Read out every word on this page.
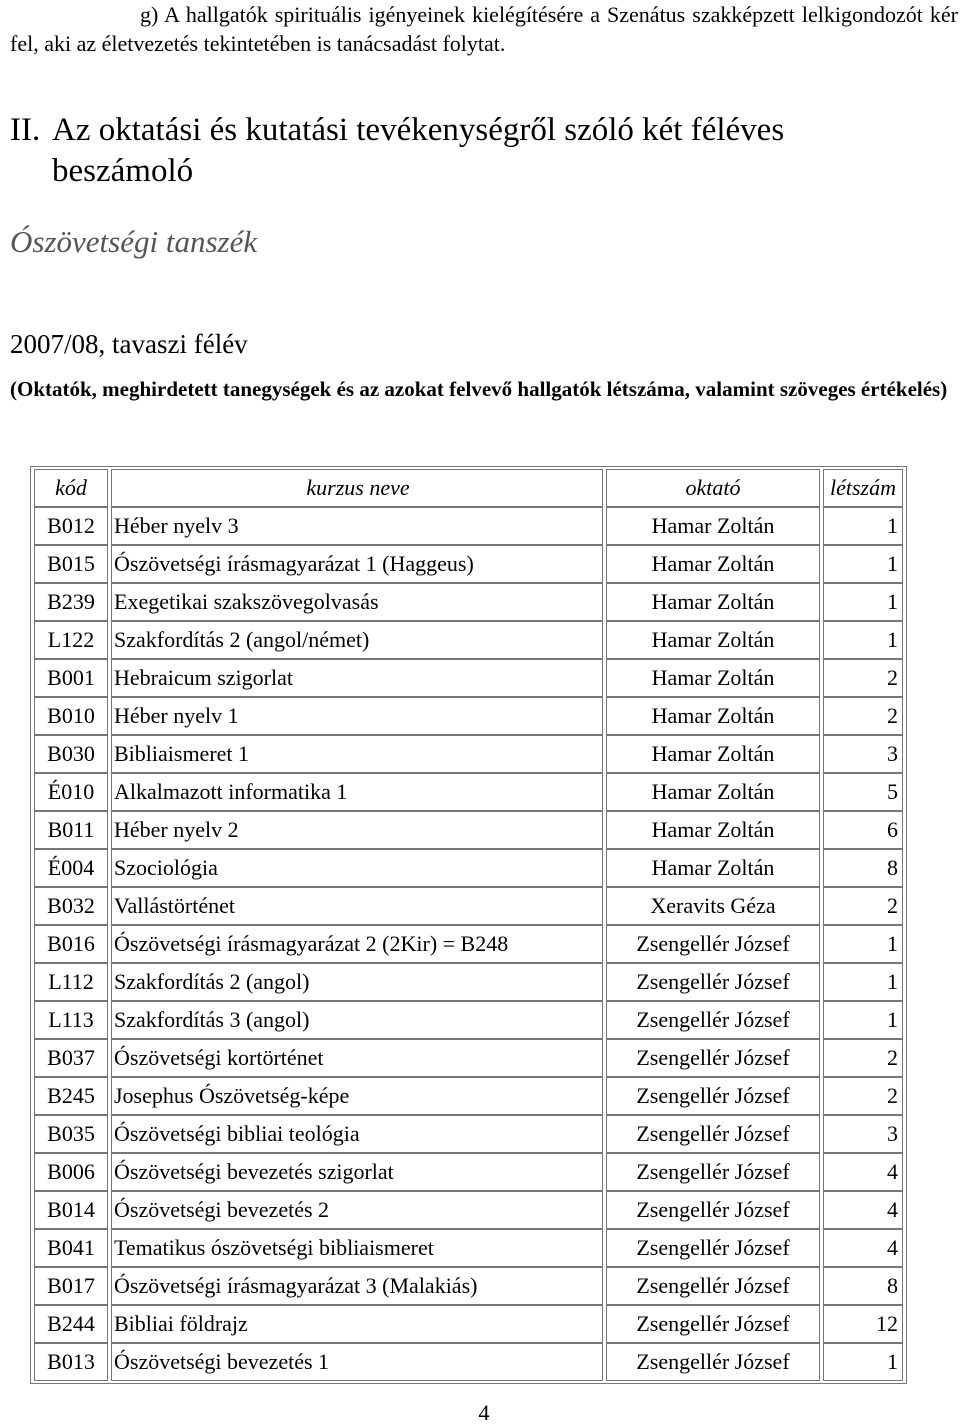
g) A hallgatók spirituális igényeinek kielégítésére a Szenátus szakképzett lelkigondozót kér fel, aki az életvezetés tekintetében is tanácsadást folytat.
II. Az oktatási és kutatási tevékenységről szóló két féléves
beszámoló
Ószövetségi tanszék
2007/08, tavaszi félév
(Oktatók, meghirdetett tanegységek és az azokat felvevő hallgatók létszáma, valamint szöveges értékelés)
kód	kurzus neve	oktató	létszám
B012	Héber nyelv 3	Hamar Zoltán	1
B015	Ószövetségi írásmagyarázat 1 (Haggeus)	Hamar Zoltán	1
B239	Exegetikai szakszövegolvasás	Hamar Zoltán	1
L122	Szakfordítás 2 (angol/német)	Hamar Zoltán	1
B001	Hebraicum szigorlat	Hamar Zoltán	2
B010	Héber nyelv 1	Hamar Zoltán	2
B030	Bibliaismeret 1	Hamar Zoltán	3
É010	Alkalmazott informatika 1	Hamar Zoltán	5
B011	Héber nyelv 2	Hamar Zoltán	6
É004	Szociológia	Hamar Zoltán	8
B032	Vallástörténet	Xeravits Géza	2
B016	Ószövetségi írásmagyarázat 2 (2Kir) = B248	Zsengellér József	1
L112	Szakfordítás 2 (angol)	Zsengellér József	1
L113	Szakfordítás 3 (angol)	Zsengellér József	1
B037	Ószövetségi kortörténet	Zsengellér József	2
B245	Josephus Ószövetség-képe	Zsengellér József	2
B035	Ószövetségi bibliai teológia	Zsengellér József	3
B006	Ószövetségi bevezetés szigorlat	Zsengellér József	4
B014	Ószövetségi bevezetés 2	Zsengellér József	4
B041	Tematikus ószövetségi bibliaismeret	Zsengellér József	4
B017	Ószövetségi írásmagyarázat 3 (Malakiás)	Zsengellér József	8
B244	Bibliai földrajz	Zsengellér József	12
B013	Ószövetségi bevezetés 1	Zsengellér József	1
4
